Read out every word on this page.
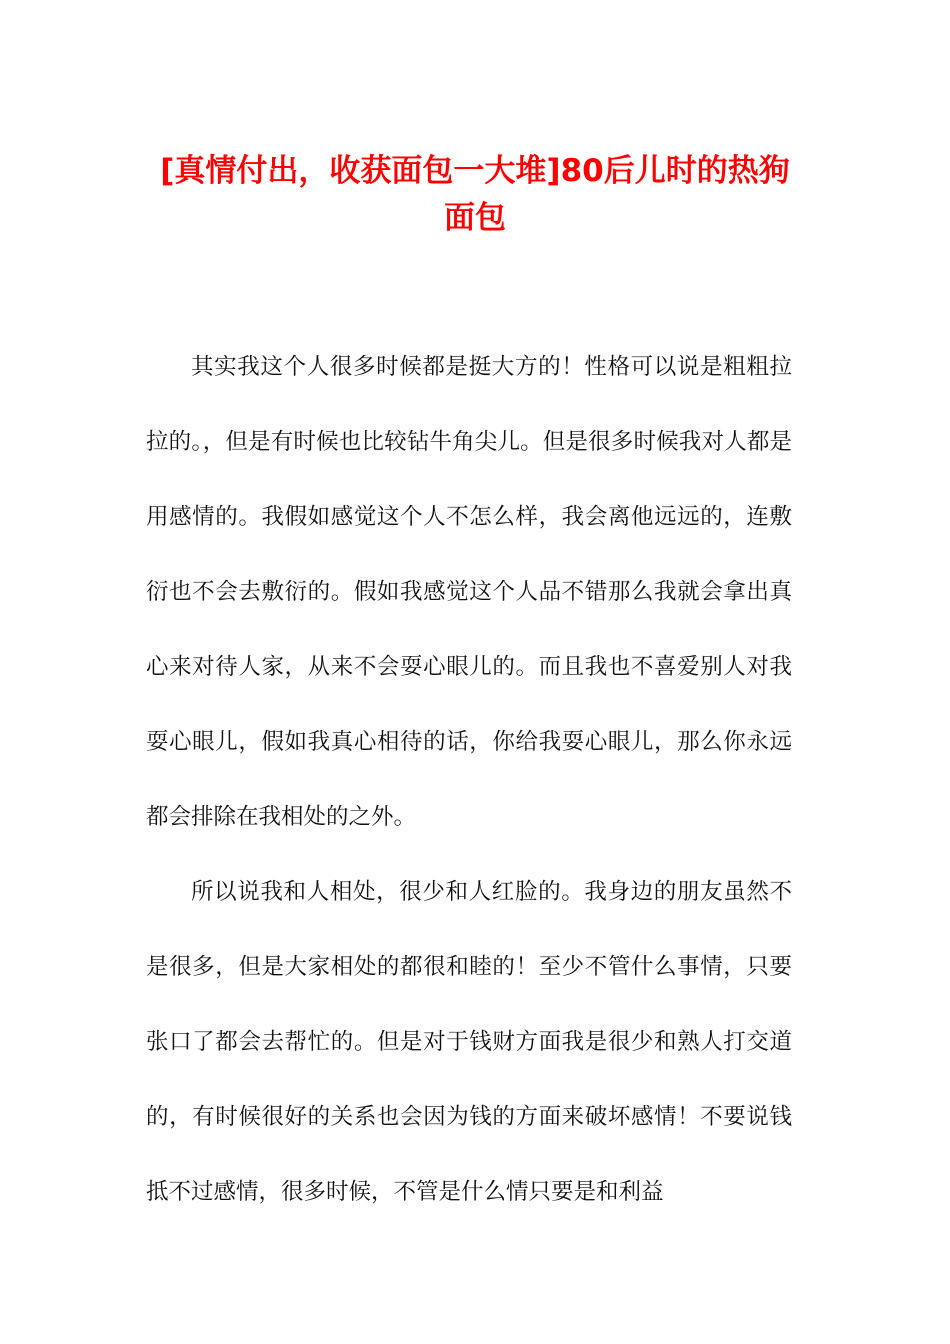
[真情付出，收获面包一大堆]80后儿时的热狗面包

其实我这个人很多时候都是挺大方的！性格可以说是粗粗拉拉的。，但是有时候也比较钻牛角尖儿。但是很多时候我对人都是用感情的。我假如感觉这个人不怎么样，我会离他远远的，连敷衍也不会去敷衍的。假如我感觉这个人品不错那么我就会拿出真心来对待人家，从来不会耍心眼儿的。而且我也不喜爱别人对我耍心眼儿，假如我真心相待的话，你给我耍心眼儿，那么你永远都会排除在我相处的之外。

所以说我和人相处，很少和人红脸的。我身边的朋友虽然不是很多，但是大家相处的都很和睦的！至少不管什么事情，只要张口了都会去帮忙的。但是对于钱财方面我是很少和熟人打交道的，有时候很好的关系也会因为钱的方面来破坏感情！不要说钱抵不过感情，很多时候，不管是什么情只要是和利益
